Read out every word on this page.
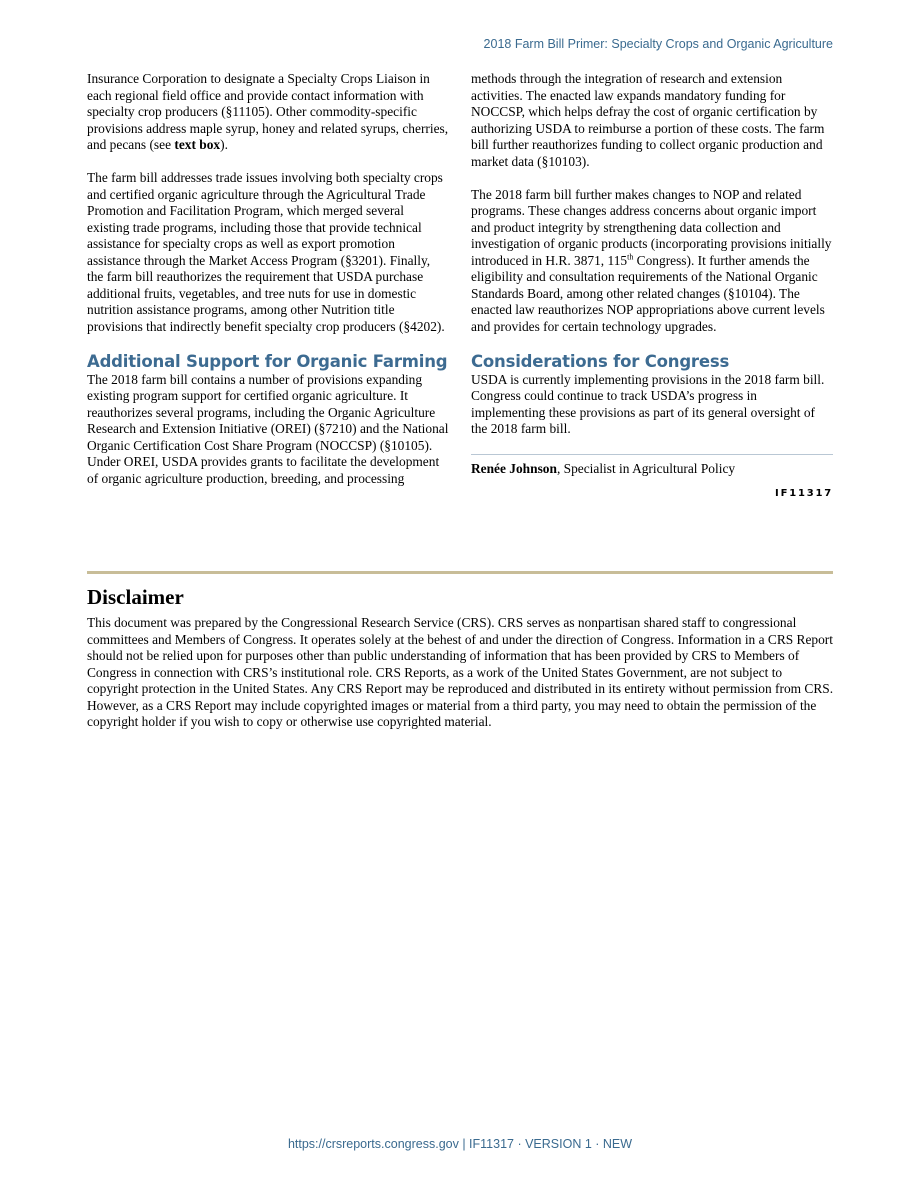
2018 Farm Bill Primer: Specialty Crops and Organic Agriculture

Insurance Corporation to designate a Specialty Crops Liaison in each regional field office and provide contact information with specialty crop producers (§11105). Other commodity-specific provisions address maple syrup, honey and related syrups, cherries, and pecans (see text box).

The farm bill addresses trade issues involving both specialty crops and certified organic agriculture through the Agricultural Trade Promotion and Facilitation Program, which merged several existing trade programs, including those that provide technical assistance for specialty crops as well as export promotion assistance through the Market Access Program (§3201). Finally, the farm bill reauthorizes the requirement that USDA purchase additional fruits, vegetables, and tree nuts for use in domestic nutrition assistance programs, among other Nutrition title provisions that indirectly benefit specialty crop producers (§4202).

Additional Support for Organic Farming

The 2018 farm bill contains a number of provisions expanding existing program support for certified organic agriculture. It reauthorizes several programs, including the Organic Agriculture Research and Extension Initiative (OREI) (§7210) and the National Organic Certification Cost Share Program (NOCCSP) (§10105). Under OREI, USDA provides grants to facilitate the development of organic agriculture production, breeding, and processing

methods through the integration of research and extension activities. The enacted law expands mandatory funding for NOCCSP, which helps defray the cost of organic certification by authorizing USDA to reimburse a portion of these costs. The farm bill further reauthorizes funding to collect organic production and market data (§10103).

The 2018 farm bill further makes changes to NOP and related programs. These changes address concerns about organic import and product integrity by strengthening data collection and investigation of organic products (incorporating provisions initially introduced in H.R. 3871, 115th Congress). It further amends the eligibility and consultation requirements of the National Organic Standards Board, among other related changes (§10104). The enacted law reauthorizes NOP appropriations above current levels and provides for certain technology upgrades.

Considerations for Congress

USDA is currently implementing provisions in the 2018 farm bill. Congress could continue to track USDA’s progress in implementing these provisions as part of its general oversight of the 2018 farm bill.

Renée Johnson, Specialist in Agricultural Policy
IF11317
Disclaimer

This document was prepared by the Congressional Research Service (CRS). CRS serves as nonpartisan shared staff to congressional committees and Members of Congress. It operates solely at the behest of and under the direction of Congress. Information in a CRS Report should not be relied upon for purposes other than public understanding of information that has been provided by CRS to Members of Congress in connection with CRS’s institutional role. CRS Reports, as a work of the United States Government, are not subject to copyright protection in the United States. Any CRS Report may be reproduced and distributed in its entirety without permission from CRS. However, as a CRS Report may include copyrighted images or material from a third party, you may need to obtain the permission of the copyright holder if you wish to copy or otherwise use copyrighted material.

https://crsreports.congress.gov | IF11317 · VERSION 1 · NEW
